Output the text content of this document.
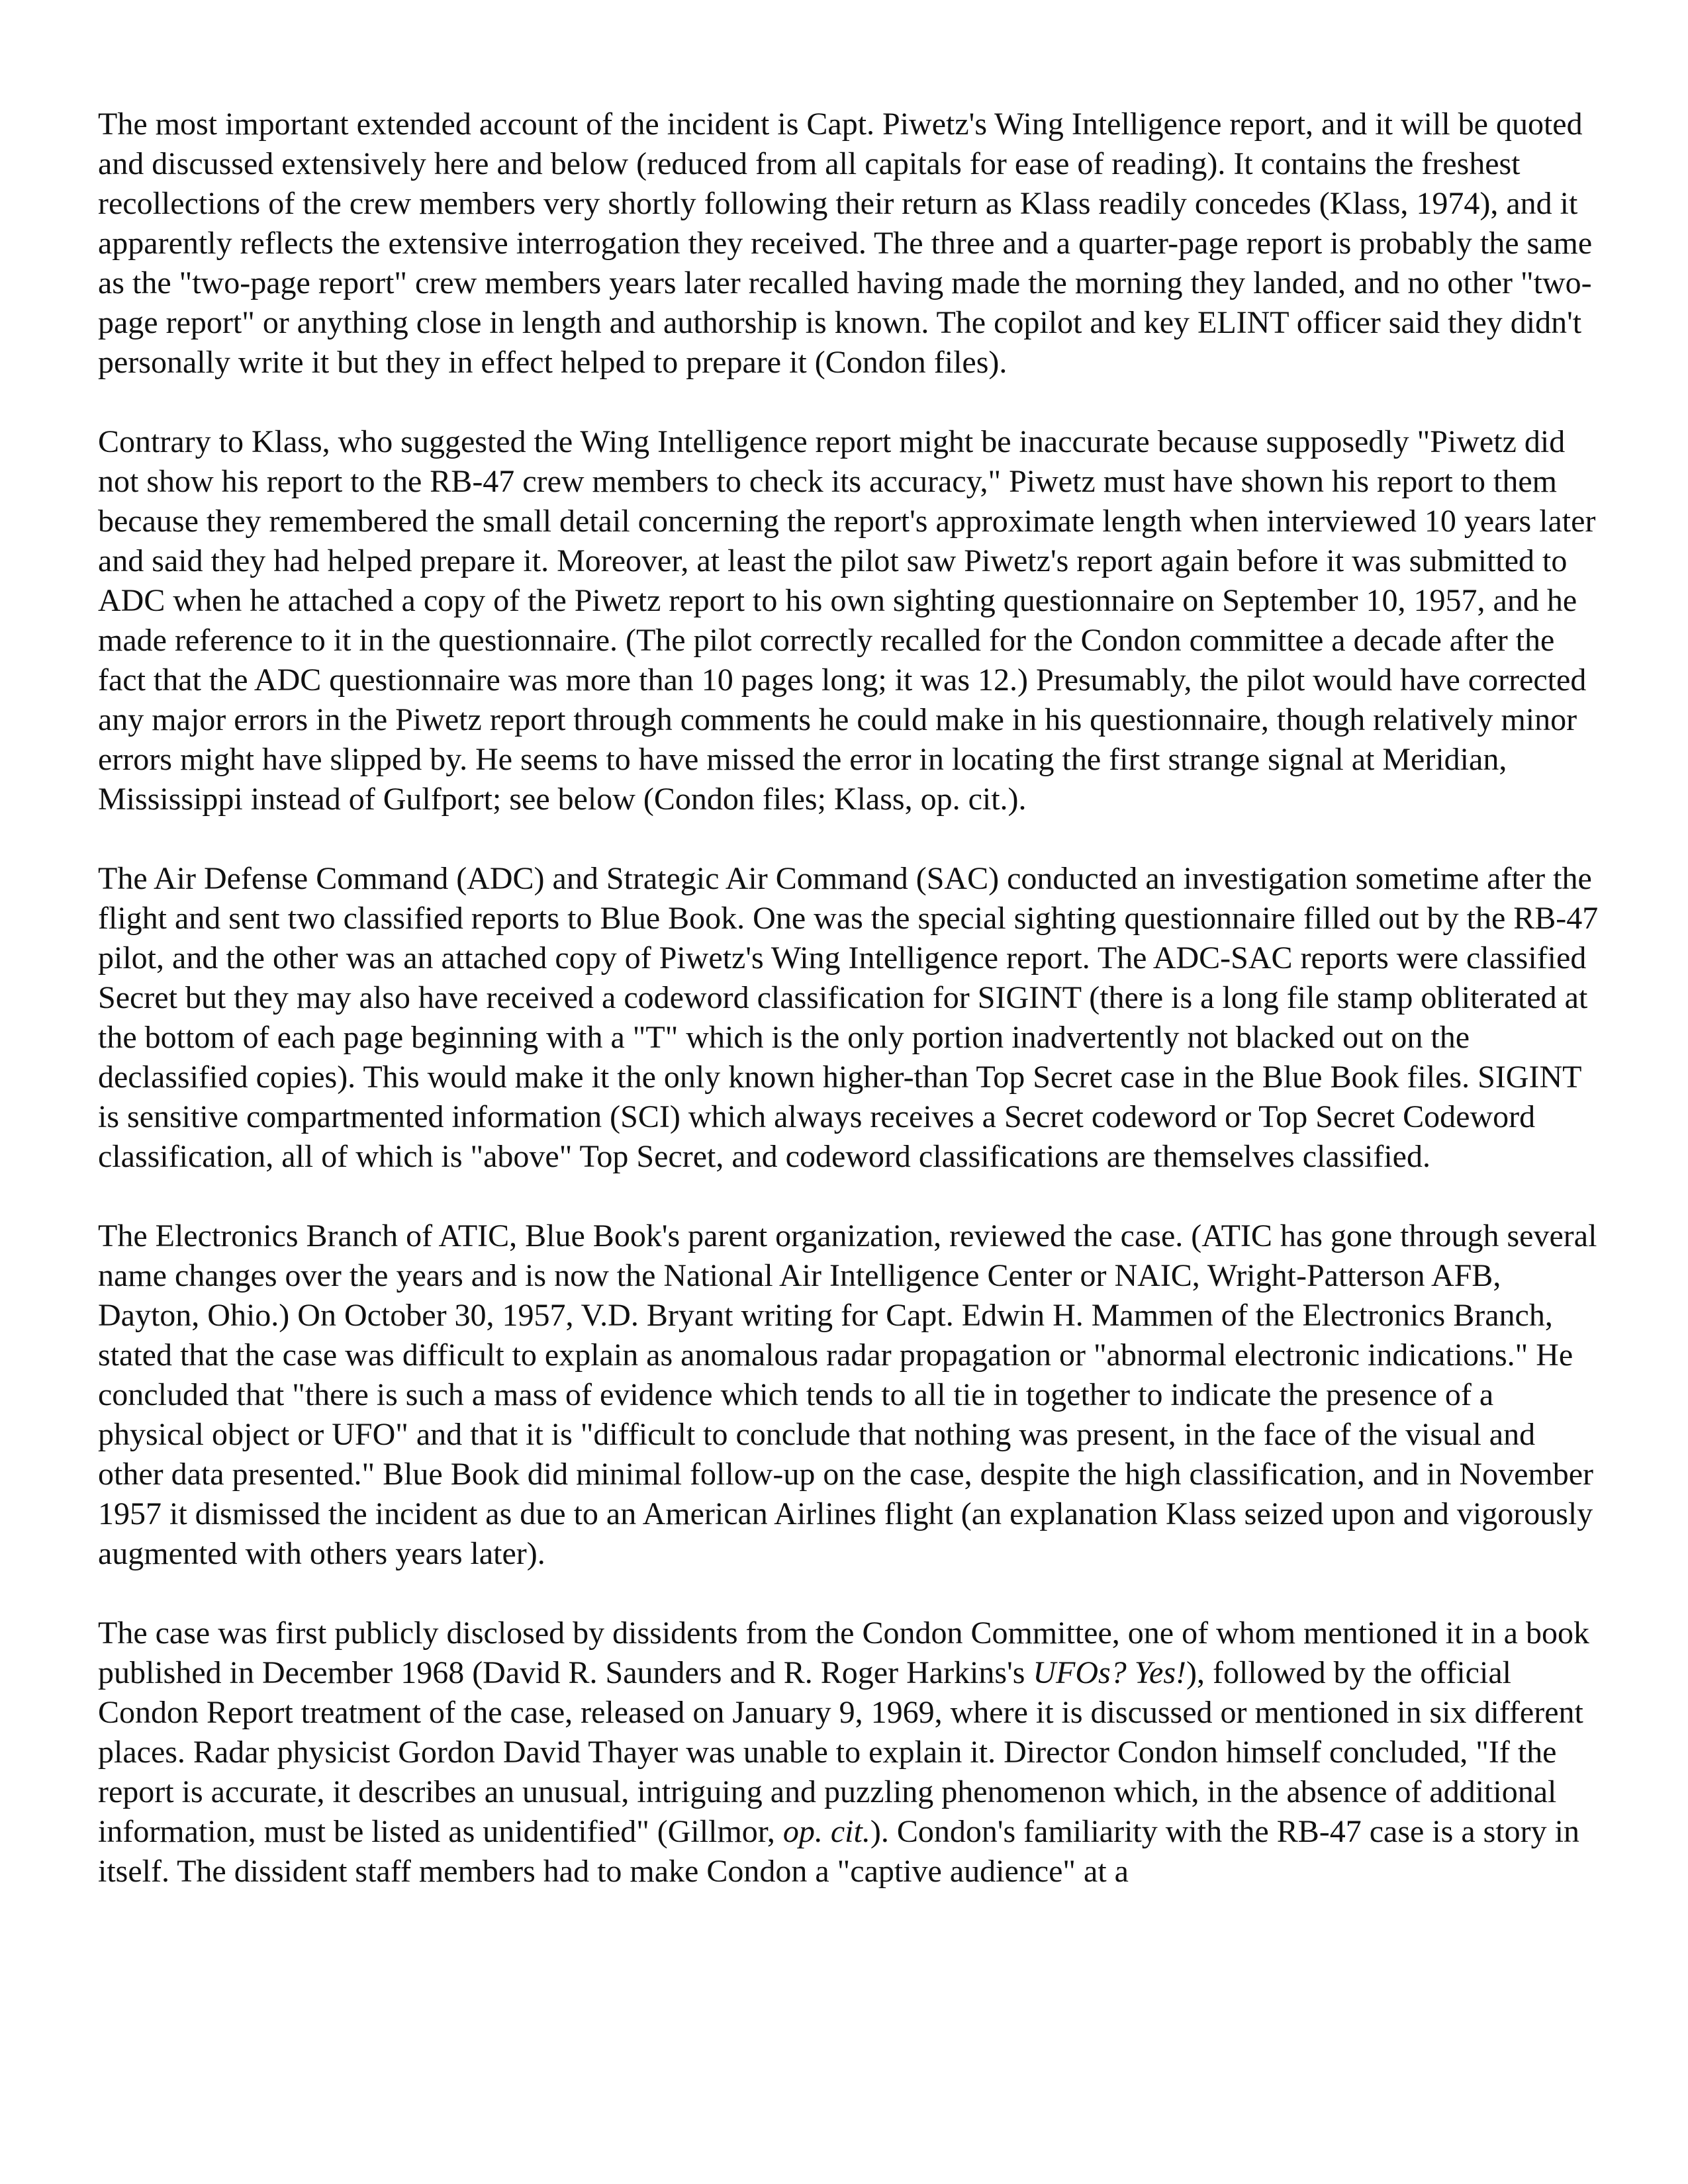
The most important extended account of the incident is Capt. Piwetz's Wing Intelligence report, and it will be quoted and discussed extensively here and below (reduced from all capitals for ease of reading). It contains the freshest recollections of the crew members very shortly following their return as Klass readily concedes (Klass, 1974), and it apparently reflects the extensive interrogation they received. The three and a quarter-page report is probably the same as the "two-page report" crew members years later recalled having made the morning they landed, and no other "two-page report" or anything close in length and authorship is known. The copilot and key ELINT officer said they didn't personally write it but they in effect helped to prepare it (Condon files).

Contrary to Klass, who suggested the Wing Intelligence report might be inaccurate because supposedly "Piwetz did not show his report to the RB-47 crew members to check its accuracy," Piwetz must have shown his report to them because they remembered the small detail concerning the report's approximate length when interviewed 10 years later and said they had helped prepare it. Moreover, at least the pilot saw Piwetz's report again before it was submitted to ADC when he attached a copy of the Piwetz report to his own sighting questionnaire on September 10, 1957, and he made reference to it in the questionnaire. (The pilot correctly recalled for the Condon committee a decade after the fact that the ADC questionnaire was more than 10 pages long; it was 12.) Presumably, the pilot would have corrected any major errors in the Piwetz report through comments he could make in his questionnaire, though relatively minor errors might have slipped by. He seems to have missed the error in locating the first strange signal at Meridian, Mississippi instead of Gulfport; see below (Condon files; Klass, op. cit.).

The Air Defense Command (ADC) and Strategic Air Command (SAC) conducted an investigation sometime after the flight and sent two classified reports to Blue Book. One was the special sighting questionnaire filled out by the RB-47 pilot, and the other was an attached copy of Piwetz's Wing Intelligence report. The ADC-SAC reports were classified Secret but they may also have received a codeword classification for SIGINT (there is a long file stamp obliterated at the bottom of each page beginning with a "T" which is the only portion inadvertently not blacked out on the declassified copies). This would make it the only known higher-than Top Secret case in the Blue Book files. SIGINT is sensitive compartmented information (SCI) which always receives a Secret codeword or Top Secret Codeword classification, all of which is "above" Top Secret, and codeword classifications are themselves classified.

The Electronics Branch of ATIC, Blue Book's parent organization, reviewed the case. (ATIC has gone through several name changes over the years and is now the National Air Intelligence Center or NAIC, Wright-Patterson AFB, Dayton, Ohio.) On October 30, 1957, V.D. Bryant writing for Capt. Edwin H. Mammen of the Electronics Branch, stated that the case was difficult to explain as anomalous radar propagation or "abnormal electronic indications." He concluded that "there is such a mass of evidence which tends to all tie in together to indicate the presence of a physical object or UFO" and that it is "difficult to conclude that nothing was present, in the face of the visual and other data presented." Blue Book did minimal follow-up on the case, despite the high classification, and in November 1957 it dismissed the incident as due to an American Airlines flight (an explanation Klass seized upon and vigorously augmented with others years later).

The case was first publicly disclosed by dissidents from the Condon Committee, one of whom mentioned it in a book published in December 1968 (David R. Saunders and R. Roger Harkins's UFOs? Yes!), followed by the official Condon Report treatment of the case, released on January 9, 1969, where it is discussed or mentioned in six different places. Radar physicist Gordon David Thayer was unable to explain it. Director Condon himself concluded, "If the report is accurate, it describes an unusual, intriguing and puzzling phenomenon which, in the absence of additional information, must be listed as unidentified" (Gillmor, op. cit.). Condon's familiarity with the RB-47 case is a story in itself. The dissident staff members had to make Condon a "captive audience" at a
